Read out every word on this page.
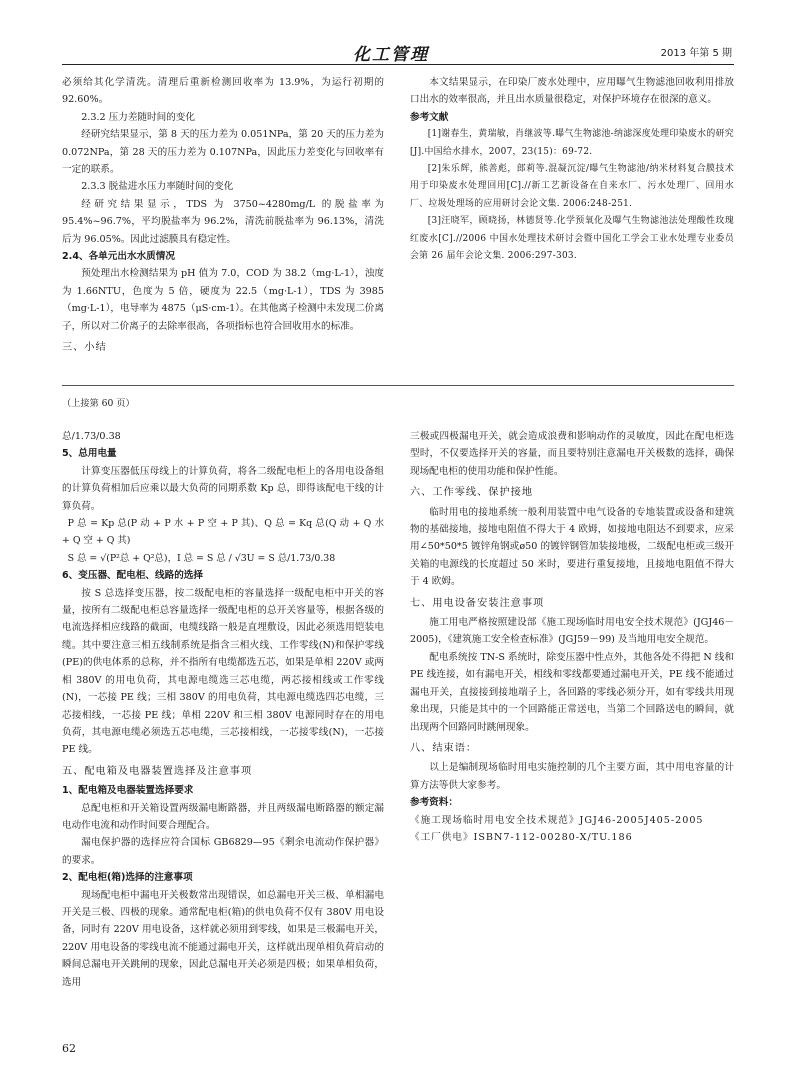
化工管理	2013 年第 5 期

必须给其化学清洗。清理后重新检测回收率为 13.9%，为运行初期的 92.60%。

2.3.2 压力差随时间的变化

经研究结果显示，第 8 天的压力差为 0.051NPa，第 20 天的压力差为 0.072NPa，第 28 天的压力差为 0.107NPa，因此压力差变化与回收率有一定的联系。

2.3.3 脱盐进水压力率随时间的变化

经研究结果显示，TDS 为 3750~4280mg/L 的脱盐率为 95.4%~96.7%，平均脱盐率为 96.2%，清洗前脱盐率为 96.13%，清洗后为 96.05%。因此过滤膜具有稳定性。

2.4、各单元出水水质情况

预处理出水检测结果为 pH 值为 7.0，COD 为 38.2（mg·L-1），浊度为 1.66NTU，色度为 5 倍，硬度为 22.5（mg·L-1），TDS 为 3985（mg·L-1），电导率为 4875（μS·cm-1）。在其他离子检测中未发现二价离子，所以对二价离子的去除率很高，各项指标也符合回收用水的标准。

三、小结

本文结果显示，在印染厂废水处理中，应用曝气生物滤池回收利用排放口出水的效率很高，并且出水质量很稳定，对保护环境存在很深的意义。

参考文献

[1]谢春生，黄瑞敏，肖继波等.曝气生物滤池-纳滤深度处理印染废水的研究[J].中国给水排水，2007，23(15)：69-72.

[2]朱乐辉，熊善彪，郎莉等.混凝沉淀/曝气生物滤池/纳米材料复合膜技术用于印染废水处理回用[C].//新工艺新设备在自来水厂、污水处理厂、回用水厂、垃圾处理场的应用研讨会论文集. 2006:248-251.

[3]汪晓军，顾晓扬，林德贤等.化学预氧化及曝气生物滤池法处理酸性玫瑰红废水[C].//2006 中国水处理技术研讨会暨中国化工学会工业水处理专业委员会第 26 届年会论文集. 2006:297-303.

（上接第 60 页）

总/1.73/0.38

5、总用电量

计算变压器低压母线上的计算负荷，将各二级配电柜上的各用电设备组的计算负荷相加后应乘以最大负荷的同期系数 Kp 总，即得该配电干线的计算负荷。

P 总 = Kp 总(P 动 + P 水 + P 空 + P 其)、Q 总 = Kq 总(Q 动 + Q 水 + Q 空 + Q 其)

S 总 = √(P²总 + Q²总)，I 总 = S 总 / √3U = S 总/1.73/0.38

6、变压器、配电柜、线路的选择

按 S 总选择变压器，按二级配电柜的容量选择一级配电柜中开关的容量，按所有二级配电柜总容量选择一级配电柜的总开关容量等，根据各级的电流选择相应线路的截面，电缆线路一般是直埋敷设，因此必须选用铠装电缆。其中要注意三相五线制系统是指含三相火线、工作零线(N)和保护零线(PE)的供电体系的总称，并不指所有电缆都选五芯，如果是单相 220V 或两相 380V 的用电负荷，其电源电缆选三芯电缆，两芯接相线或工作零线(N)，一芯接 PE 线；三相 380V 的用电负荷，其电源电缆选四芯电缆，三芯接相线，一芯接 PE 线；单相 220V 和三相 380V 电源同时存在的用电负荷，其电源电缆必须选五芯电缆，三芯接相线，一芯接零线(N)，一芯接 PE 线。

五、配电箱及电器装置选择及注意事项

1、配电箱及电器装置选择要求

总配电柜和开关箱设置两级漏电断路器，并且两级漏电断路器的额定漏电动作电流和动作时间要合理配合。

漏电保护器的选择应符合国标 GB6829—95《剩余电流动作保护器》的要求。

2、配电柜(箱)选择的注意事项

现场配电柜中漏电开关极数常出现错误，如总漏电开关三极、单相漏电开关是三极、四极的现象。通常配电柜(箱)的供电负荷不仅有 380V 用电设备，同时有 220V 用电设备，这样就必须用到零线，如果是三极漏电开关，220V 用电设备的零线电流不能通过漏电开关，这样就出现单相负荷启动的瞬间总漏电开关跳闸的现象，因此总漏电开关必须是四极；如果单相负荷，选用

三极或四极漏电开关，就会造成浪费和影响动作的灵敏度，因此在配电柜选型时，不仅要选择开关的容量，而且要特别注意漏电开关极数的选择，确保现场配电柜的使用功能和保护性能。

六、工作零线、保护接地

临时用电的接地系统一般利用装置中电气设备的专地装置或设备和建筑物的基础接地，接地电阻值不得大于 4 欧姆，如接地电阻达不到要求，应采用∠50*50*5 镀锌角钢或ø50 的镀锌钢管加装接地极，二级配电柜或三级开关箱的电源线的长度超过 50 米时，要进行重复接地，且接地电阻值不得大于 4 欧姆。

七、用电设备安装注意事项

施工用电严格按照建设部《施工现场临时用电安全技术规范》(JGJ46－2005)，《建筑施工安全检查标准》(JGJ59－99) 及当地用电安全规范。

配电系统按 TN-S 系统时，除变压器中性点外，其他各处不得把 N 线和 PE 线连接，如有漏电开关，相线和零线都要通过漏电开关，PE 线不能通过漏电开关，直接接到接地端子上，各回路的零线必须分开，如有零线共用现象出现，只能是其中的一个回路能正常送电，当第二个回路送电的瞬间，就出现两个回路同时跳闸现象。

八、结束语：

以上是编制现场临时用电实施控制的几个主要方面，其中用电容量的计算方法等供大家参考。

参考资料：

《施工现场临时用电安全技术规范》JGJ46-2005J405-2005

《工厂供电》ISBN7-112-00280-X/TU.186

62
